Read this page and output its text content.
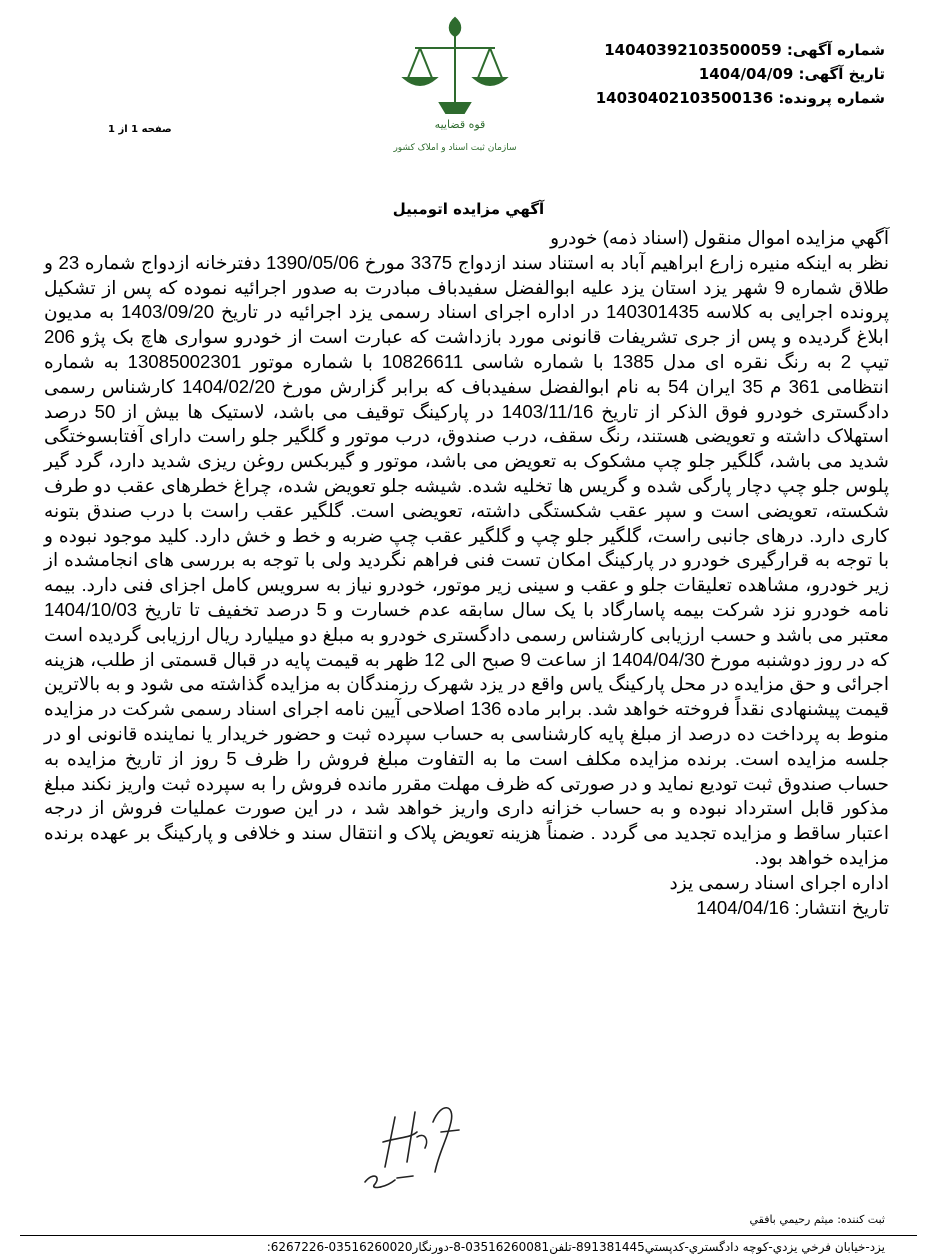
شماره آگهی: 14040392103500059
تاریخ آگهی: 1404/04/09
شماره پرونده: 14030402103500136
قوه قضاییه
سازمان ثبت اسناد و املاک کشور
صفحه 1 از 1
آگهي مزايده اتومبيل

آگهي مزايده اموال منقول (اسناد ذمه) خودرو

نظر به اینکه منیره زارع ابراهیم آباد به استناد سند ازدواج 3375 مورخ 1390/05/06 دفترخانه ازدواج شماره 23 و طلاق شماره 9 شهر یزد استان یزد علیه ابوالفضل سفیدباف مبادرت به صدور اجرائیه نموده که پس از تشکیل پرونده اجرایی به کلاسه 140301435 در اداره اجرای اسناد رسمی یزد اجرائیه در تاریخ 1403/09/20 به مدیون ابلاغ گردیده و پس از جری تشریفات قانونی مورد بازداشت که عبارت است از خودرو سواری هاچ بک پژو 206 تیپ 2 به رنگ نقره ای مدل 1385 با شماره شاسی 10826611 با شماره موتور 13085002301 به شماره انتظامی 361 م 35 ایران 54 به نام ابوالفضل سفیدباف که برابر گزارش مورخ 1404/02/20 کارشناس رسمی دادگستری خودرو فوق الذکر از تاریخ 1403/11/16 در پارکینگ توقیف می باشد، لاستیک ها بیش از 50 درصد استهلاک داشته و تعویضی هستند، رنگ سقف، درب صندوق، درب موتور و گلگیر جلو راست دارای آفتابسوختگی شدید می باشد، گلگیر جلو چپ مشکوک به تعویض می باشد، موتور و گیربکس روغن ریزی شدید دارد، گرد گیر پلوس جلو چپ دچار پارگی شده و گریس ها تخلیه شده. شیشه جلو تعویض شده، چراغ خطرهای عقب دو طرف شکسته، تعویضی است و سپر عقب شکستگی داشته، تعویضی است. گلگیر عقب راست با درب صندق بتونه کاری دارد. درهای جانبی راست، گلگیر جلو چپ و گلگیر عقب چپ ضربه و خط و خش دارد. کلید موجود نبوده و با توجه به قرارگیری خودرو در پارکینگ امکان تست فنی فراهم نگردید ولی با توجه به بررسی های انجامشده از زیر خودرو، مشاهده تعلیقات جلو و عقب و سینی زیر موتور، خودرو نیاز به سرویس کامل اجزای فنی دارد. بیمه نامه خودرو نزد شرکت بیمه پاسارگاد با یک سال سابقه عدم خسارت و 5 درصد تخفیف تا تاریخ 1404/10/03 معتبر می باشد و حسب ارزیابی کارشناس رسمی دادگستری خودرو به مبلغ دو میلیارد ریال ارزیابی گردیده است که در روز دوشنبه مورخ 1404/04/30 از ساعت 9 صبح الی 12 ظهر به قیمت پایه در قبال قسمتی از طلب، هزینه اجرائی و حق مزایده در محل پارکینگ یاس واقع در یزد شهرک رزمندگان به مزایده گذاشته می شود و به بالاترین قیمت پیشنهادی نقداً فروخته خواهد شد. برابر ماده 136 اصلاحی آیین نامه اجرای اسناد رسمی شرکت در مزایده منوط به پرداخت ده درصد از مبلغ پایه کارشناسی به حساب سپرده ثبت و حضور خریدار یا نماینده قانونی او در جلسه مزایده است. برنده مزایده مکلف است ما به التفاوت مبلغ فروش را ظرف 5 روز از تاریخ مزایده به حساب صندوق ثبت تودیع نماید و در صورتی که ظرف مهلت مقرر مانده فروش را به سپرده ثبت واریز نکند مبلغ مذکور قابل استرداد نبوده و به حساب خزانه داری واریز خواهد شد ، در این صورت عملیات فروش از درجه اعتبار ساقط و مزایده تجدید می گردد . ضمناً هزینه تعویض پلاک و انتقال سند و خلافی و پارکینگ بر عهده برنده مزایده خواهد بود.

اداره اجرای اسناد رسمی یزد

تاریخ انتشار: 1404/04/16

ثبت کننده: ميثم رحيمي بافقي
يزد-خيابان فرخي يزدي-كوچه دادگستري-كدپستي891381445-تلفن03516260081-8-دورنگار03516260020-6267226:
